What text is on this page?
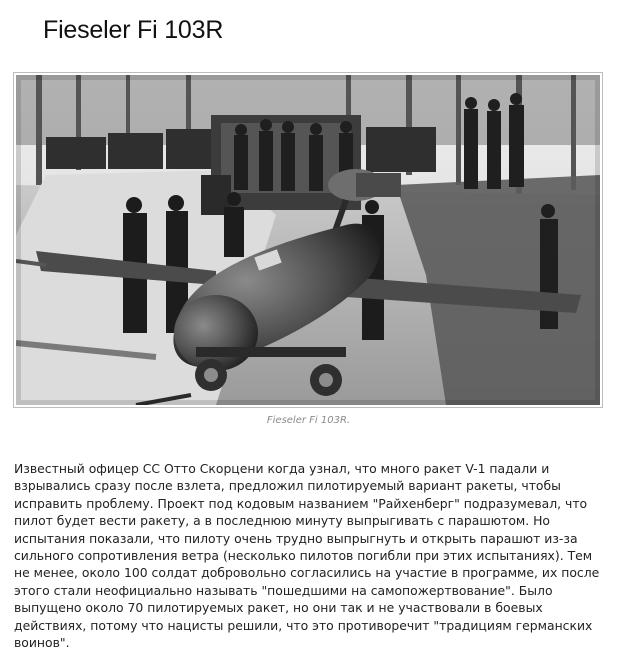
Fieseler Fi 103R
Fieseler Fi 103R.

Известный офицер СС Отто Скорцени когда узнал, что много ракет V-1 падали и взрывались сразу после взлета, предложил пилотируемый вариант ракеты, чтобы исправить проблему. Проект под кодовым названием "Райхенберг" подразумевал, что пилот будет вести ракету, а в последнюю минуту выпрыгивать с парашютом. Но испытания показали, что пилоту очень трудно выпрыгнуть и открыть парашют из-за сильного сопротивления ветра (несколько пилотов погибли при этих испытаниях). Тем не менее, около 100 солдат добровольно согласились на участие в программе, их после этого стали неофициально называть "пошедшими на самопожертвование". Было выпущено около 70 пилотируемых ракет, но они так и не участвовали в боевых действиях, потому что нацисты решили, что это противоречит "традициям германских воинов".
